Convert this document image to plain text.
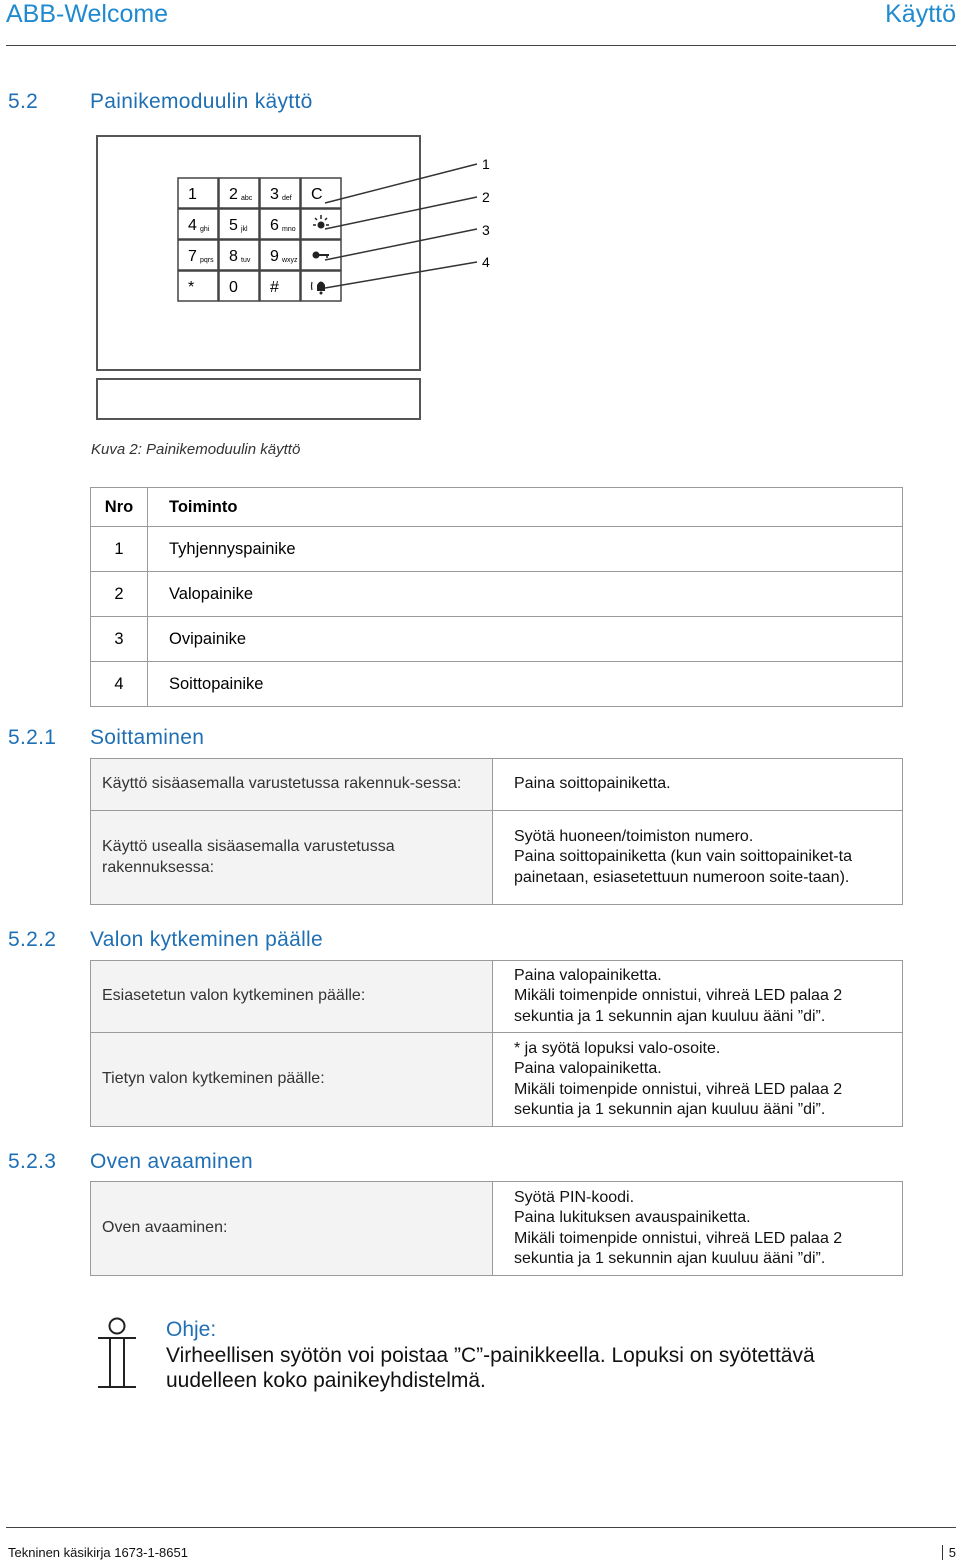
ABB-Welcome	Käyttö
5.2 Painikemoduulin käyttö
1 2 abc 3 def C
4 ghi 5 jkl 6 mno
7 pqrs 8 tuv 9 wxyz
* 0 #
1
2
3
4
Kuva 2: Painikemoduulin käyttö
Nro	Toiminto
1	Tyhjennyspainike
2	Valopainike
3	Ovipainike
4	Soittopainike
5.2.1 Soittaminen
Käyttö sisäasemalla varustetussa rakennuk-sessa:	Paina soittopainiketta.
Käyttö usealla sisäasemalla varustetussa rakennuksessa:	Syötä huoneen/toimiston numero.
Paina soittopainiketta (kun vain soittopainiket-ta painetaan, esiasetettuun numeroon soite-taan).
5.2.2 Valon kytkeminen päälle
Esiasetetun valon kytkeminen päälle:	Paina valopainiketta.
Mikäli toimenpide onnistui, vihreä LED palaa 2 sekuntia ja 1 sekunnin ajan kuuluu ääni ”di”.

Tietyn valon kytkeminen päälle:	* ja syötä lopuksi valo-osoite.
Paina valopainiketta.
Mikäli toimenpide onnistui, vihreä LED palaa 2 sekuntia ja 1 sekunnin ajan kuuluu ääni ”di”.
5.2.3 Oven avaaminen
Oven avaaminen:	
Syötä PIN-koodi.
Paina lukituksen avauspainiketta.
Mikäli toimenpide onnistui, vihreä LED palaa 2 sekuntia ja 1 sekunnin ajan kuuluu ääni ”di”.
Ohje:
Virheellisen syötön voi poistaa ”C”-painikkeella. Lopuksi on syötettävä uudelleen koko painikeyhdistelmä.
Tekninen käsikirja 1673-1-8651	5
